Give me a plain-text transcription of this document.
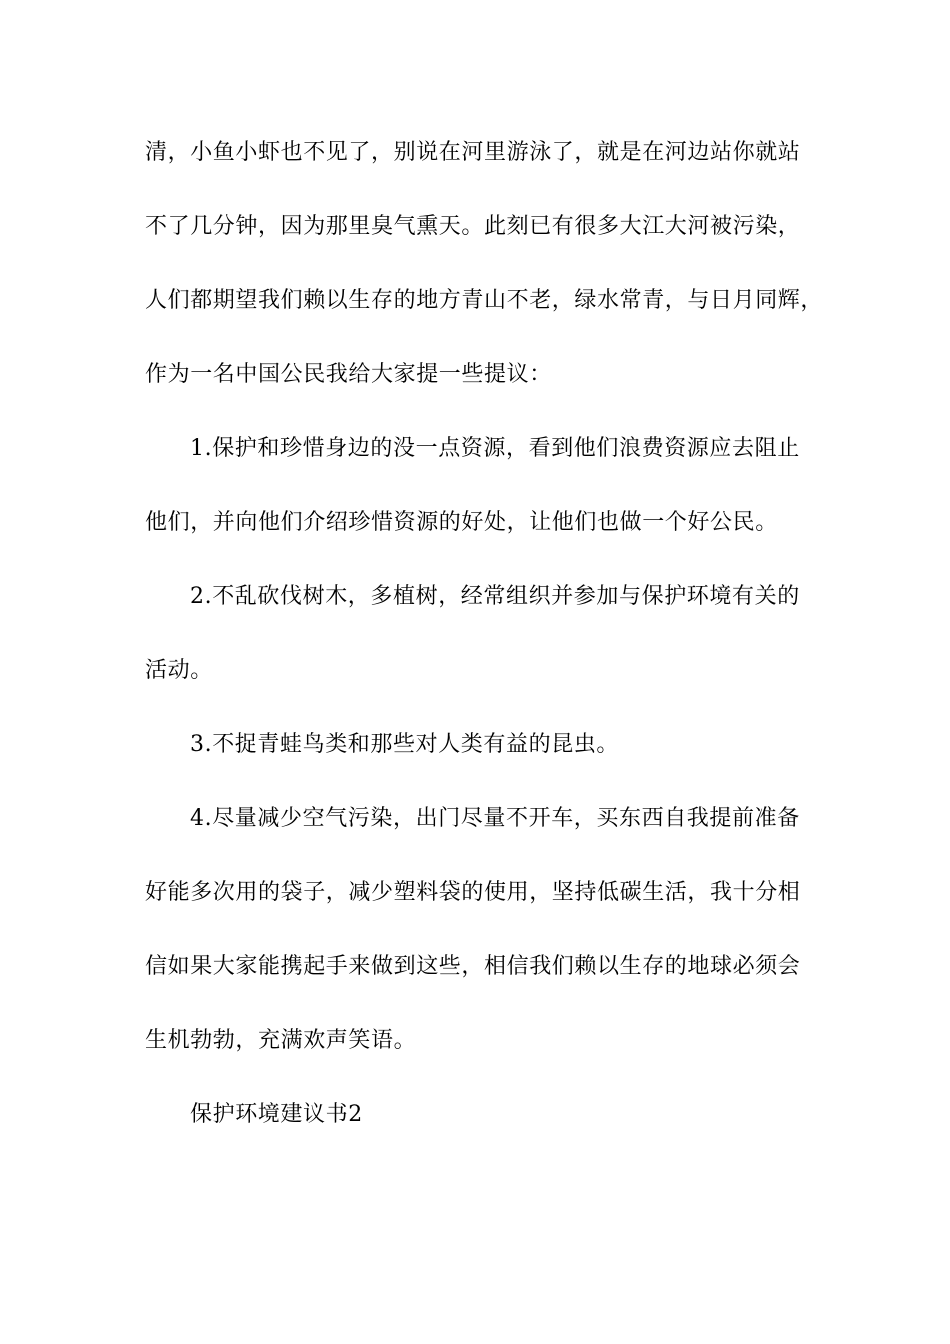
清，小鱼小虾也不见了，别说在河里游泳了，就是在河边站你就站
不了几分钟，因为那里臭气熏天。此刻已有很多大江大河被污染，
人们都期望我们赖以生存的地方青山不老，绿水常青，与日月同辉，
作为一名中国公民我给大家提一些提议：
1.保护和珍惜身边的没一点资源，看到他们浪费资源应去阻止
他们，并向他们介绍珍惜资源的好处，让他们也做一个好公民。
2.不乱砍伐树木，多植树，经常组织并参加与保护环境有关的
活动。
3.不捉青蛙鸟类和那些对人类有益的昆虫。
4.尽量减少空气污染，出门尽量不开车，买东西自我提前准备
好能多次用的袋子，减少塑料袋的使用，坚持低碳生活，我十分相
信如果大家能携起手来做到这些，相信我们赖以生存的地球必须会
生机勃勃，充满欢声笑语。
保护环境建议书2
